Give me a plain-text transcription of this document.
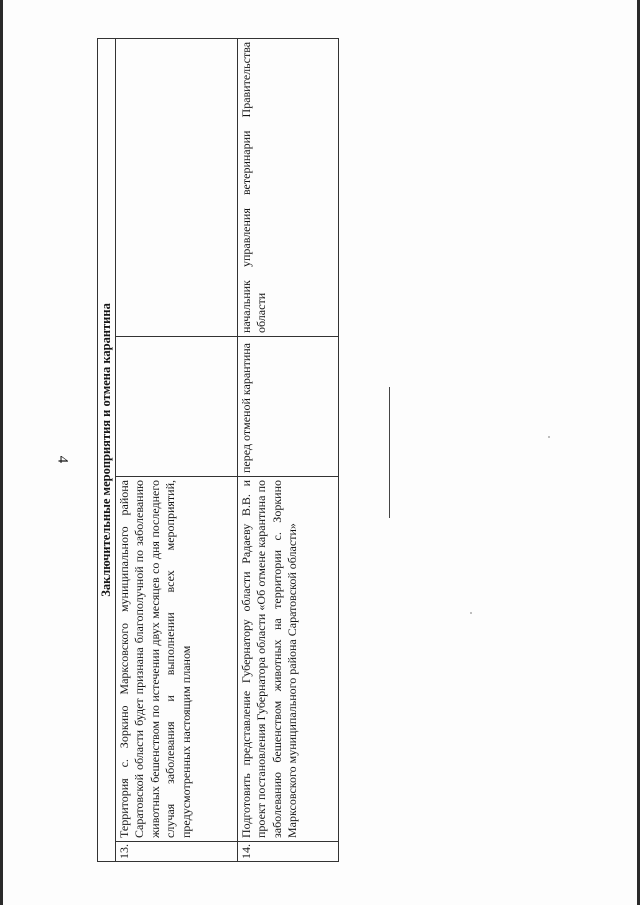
4 Заключительные мероприятия и отмена карантина			
13.	Территория с. Зоркино Марксовского муниципального района Саратовской области будет признана благополучной по заболеванию животных бешенством по истечении двух месяцев со дня последнего случая заболевания и выполнении всех мероприятий, предусмотренных настоящим планом		
14.	Подготовить представление Губернатору области Радаеву В.В. и проект постановления Губернатора области «Об отмене карантина по заболеванию бешенством животных на территории с. Зоркино Марксовского муниципального района Саратовской области»	перед отменой карантина	начальник управления ветеринарии Правительства области
